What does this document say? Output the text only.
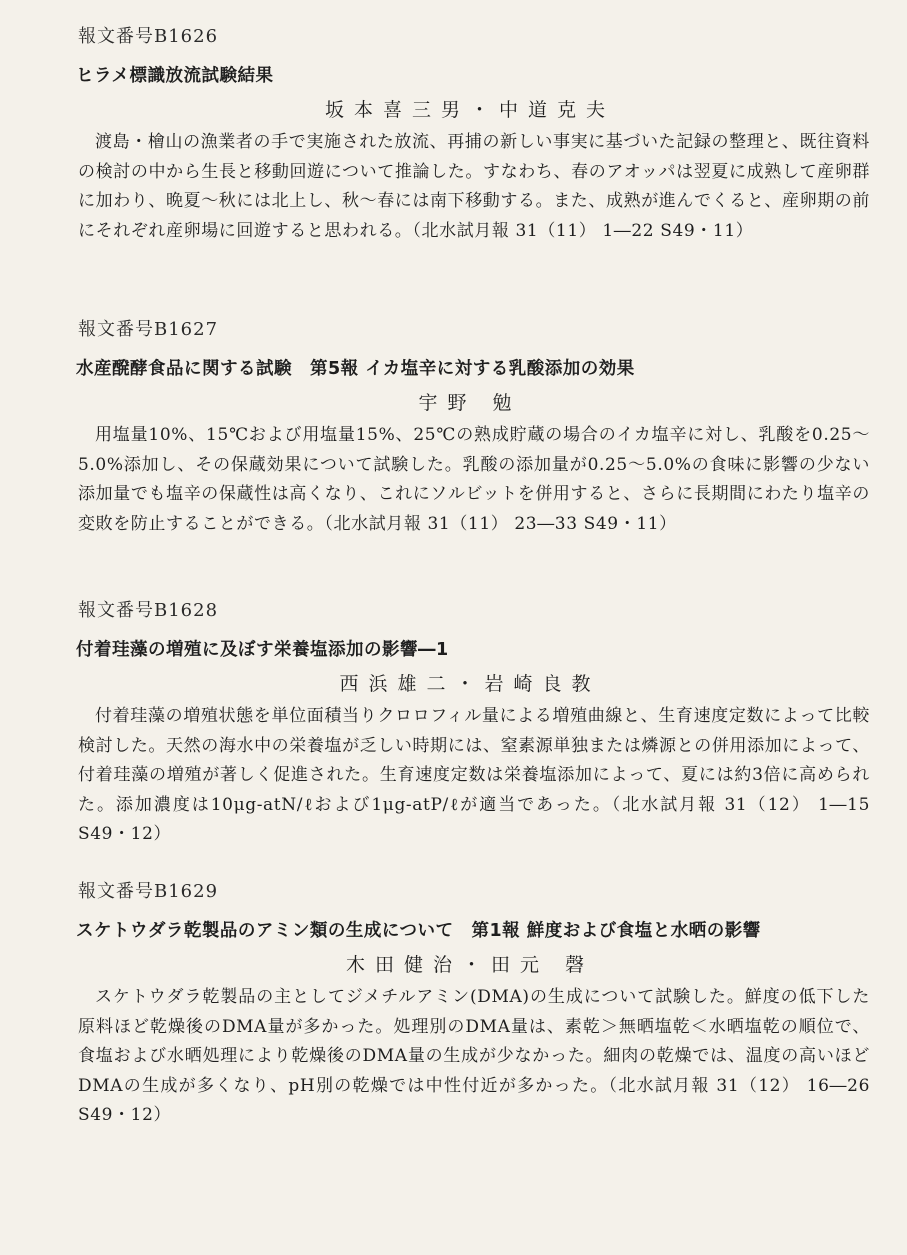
報文番号B1626
ヒラメ標識放流試験結果
坂本喜三男・中道克夫

渡島・檜山の漁業者の手で実施された放流、再捕の新しい事実に基づいた記録の整理と、既往資料の検討の中から生長と移動回遊について推論した。すなわち、春のアオッパは翌夏に成熟して産卵群に加わり、晩夏～秋には北上し、秋～春には南下移動する。また、成熟が進んでくると、産卵期の前にそれぞれ産卵場に回遊すると思われる。（北水試月報 31（11） 1―22 S49・11）

報文番号B1627
水産醗酵食品に関する試験　第5報 イカ塩辛に対する乳酸添加の効果
宇野 勉

用塩量10%、15℃および用塩量15%、25℃の熟成貯蔵の場合のイカ塩辛に対し、乳酸を0.25～5.0%添加し、その保蔵効果について試験した。乳酸の添加量が0.25～5.0%の食味に影響の少ない添加量でも塩辛の保蔵性は高くなり、これにソルビットを併用すると、さらに長期間にわたり塩辛の変敗を防止することができる。（北水試月報 31（11） 23―33 S49・11）

報文番号B1628
付着珪藻の増殖に及ぼす栄養塩添加の影響―1
西浜雄二・岩崎良教

付着珪藻の増殖状態を単位面積当りクロロフィル量による増殖曲線と、生育速度定数によって比較検討した。天然の海水中の栄養塩が乏しい時期には、窒素源単独または燐源との併用添加によって、付着珪藻の増殖が著しく促進された。生育速度定数は栄養塩添加によって、夏には約3倍に高められた。添加濃度は10μg-atN/ℓおよび1μg-atP/ℓが適当であった。（北水試月報 31（12） 1―15 S49・12）

報文番号B1629
スケトウダラ乾製品のアミン類の生成について　第1報 鮮度および食塩と水晒の影響
木田健治・田元 磬

スケトウダラ乾製品の主としてジメチルアミン(DMA)の生成について試験した。鮮度の低下した原料ほど乾燥後のDMA量が多かった。処理別のDMA量は、素乾＞無晒塩乾＜水晒塩乾の順位で、食塩および水晒処理により乾燥後のDMA量の生成が少なかった。細肉の乾燥では、温度の高いほどDMAの生成が多くなり、pH別の乾燥では中性付近が多かった。（北水試月報 31（12） 16―26 S49・12）
